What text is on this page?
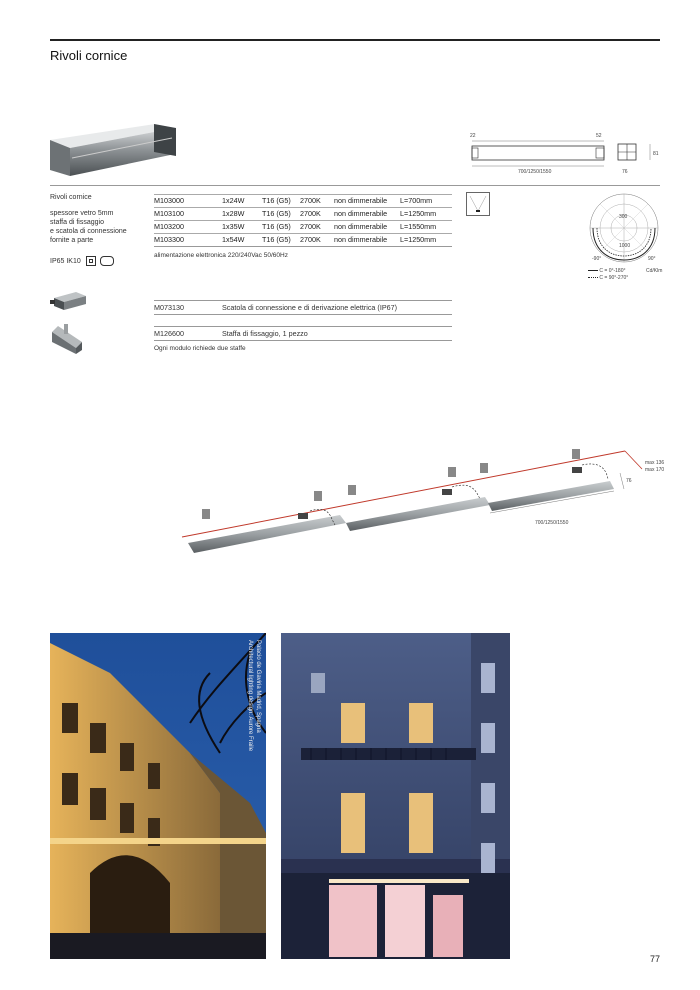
Rivoli cornice
22	52
700/1250/1550	76
81
Rivoli cornice
spessore vetro 5mm
staffa di fissaggio
e scatola di connessione
fornite a parte
IP65 IK10

M103000	1x24W T16 (G5) 2700K non dimmerabile L=700mm
M103100	1x28W T16 (G5) 2700K non dimmerabile L=1250mm
M103200	1x35W T16 (G5) 2700K non dimmerabile L=1550mm
M103300	1x54W T16 (G5) 2700K non dimmerabile L=1250mm
alimentazione elettronica 220/240Vac 50/60Hz
300
1000
-90°	90°
C = 0°-180°	Cd/Klm
C = 90°-270°
M073130	Scatola di connessione e di derivazione elettrica (IP67)
M126600	Staffa di fissaggio, 1 pezzo
Ogni modulo richiede due staffe
max 136
max 170
76
700/1250/1550
Palacio de Gaviria Madrid, Spagna
Architectural lighting design: Aurore Fraile
77
